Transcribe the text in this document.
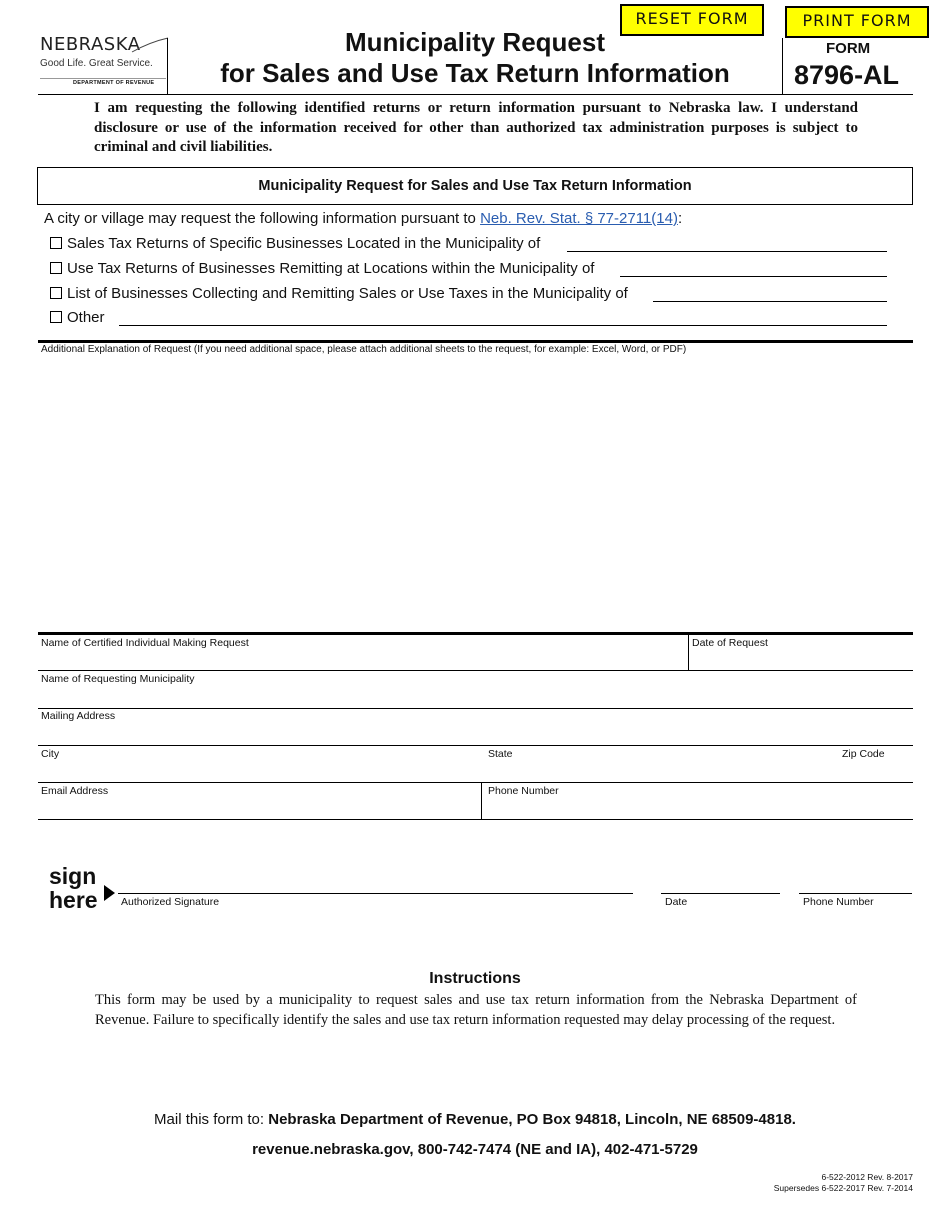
RESET FORM	PRINT FORM
NEBRASKA
Good Life. Great Service.
DEPARTMENT OF REVENUE
Municipality Request
for Sales and Use Tax Return Information
FORM
8796-AL
I am requesting the following identified returns or return information pursuant to Nebraska law. I understand disclosure or use of the information received for other than authorized tax administration purposes is subject to criminal and civil liabilities.
Municipality Request for Sales and Use Tax Return Information
A city or village may request the following information pursuant to Neb. Rev. Stat. § 77-2711(14):
Sales Tax Returns of Specific Businesses Located in the Municipality of
Use Tax Returns of Businesses Remitting at Locations within the Municipality of
List of Businesses Collecting and Remitting Sales or Use Taxes in the Municipality of
Other
Additional Explanation of Request (If you need additional space, please attach additional sheets to the request, for example: Excel, Word, or PDF)
Name of Certified Individual Making Request	Date of Request
Name of Requesting Municipality
Mailing Address
City	State	Zip Code
Email Address	Phone Number
sign
here Authorized Signature	Date	Phone Number
Instructions
This form may be used by a municipality to request sales and use tax return information from the Nebraska Department of Revenue. Failure to specifically identify the sales and use tax return information requested may delay processing of the request.
Mail this form to: Nebraska Department of Revenue, PO Box 94818, Lincoln, NE 68509-4818.
revenue.nebraska.gov, 800-742-7474 (NE and IA), 402-471-5729
6-522-2012 Rev. 8-2017
Supersedes 6-522-2017 Rev. 7-2014
